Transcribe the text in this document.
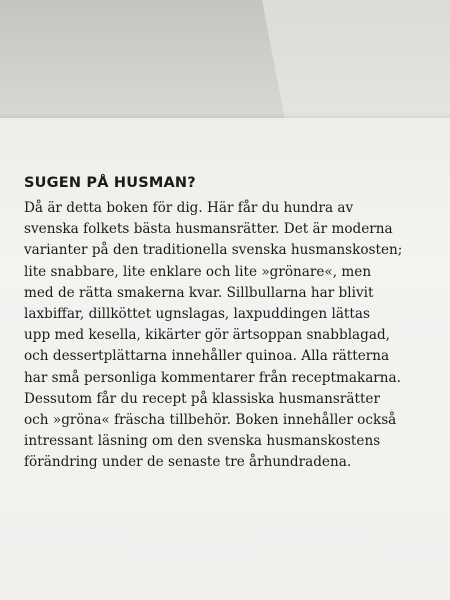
SUGEN PÅ HUSMAN?
Då är detta boken för dig. Här får du hundra av
svenska folkets bästa husmansrätter. Det är moderna
varianter på den traditionella svenska husmanskosten;
lite snabbare, lite enklare och lite »grönare«, men
med de rätta smakerna kvar. Sillbullarna har blivit
laxbiffar, dillköttet ugnslagas, laxpuddingen lättas
upp med kesella, kikärter gör ärtsoppan snabblagad,
och dessertplättarna innehåller quinoa. Alla rätterna
har små personliga kommentarer från receptmakarna.
Dessutom får du recept på klassiska husmansrätter
och »gröna« fräscha tillbehör. Boken innehåller också
intressant läsning om den svenska husmanskostens
förändring under de senaste tre århundradena.
